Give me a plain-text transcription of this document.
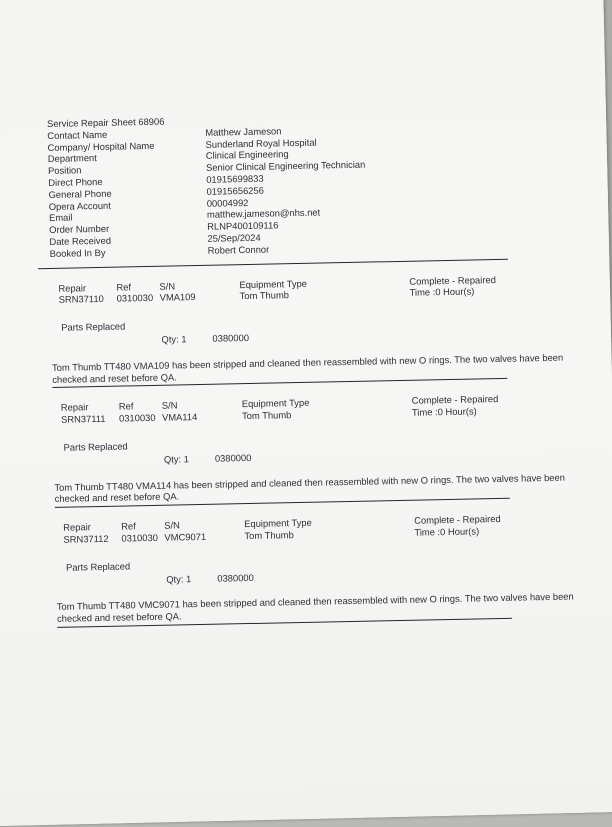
Service Repair Sheet 68906
Contact Name	Matthew Jameson
Company/ Hospital Name	Sunderland Royal Hospital
Department	Clinical Engineering
Position	Senior Clinical Engineering Technician
Direct Phone	01915699833
General Phone	01915656256
Opera Account	00004992
Email	matthew.jameson@nhs.net
Order Number	RLNP400109116
Date Received	25/Sep/2024
Booked In By	Robert Connor
Repair	Ref	S/N	Equipment Type	Complete - Repaired
SRN37110	0310030 VMA109	Tom Thumb	Time :0 Hour(s)
Parts Replaced
Qty: 1	0380000
Tom Thumb TT480 VMA109 has been stripped and cleaned then reassembled with new O rings. The two valves have been checked and reset before QA.
Repair	Ref	S/N	Equipment Type	Complete - Repaired
SRN37111	0310030 VMA114	Tom Thumb	Time :0 Hour(s)
Parts Replaced
Qty: 1	0380000
Tom Thumb TT480 VMA114 has been stripped and cleaned then reassembled with new O rings. The two valves have been checked and reset before QA.
Repair	Ref	S/N	Equipment Type	Complete - Repaired
SRN37112	0310030 VMC9071	Tom Thumb	Time :0 Hour(s)
Parts Replaced
Qty: 1	0380000
Tom Thumb TT480 VMC9071 has been stripped and cleaned then reassembled with new O rings. The two valves have been checked and reset before QA.
